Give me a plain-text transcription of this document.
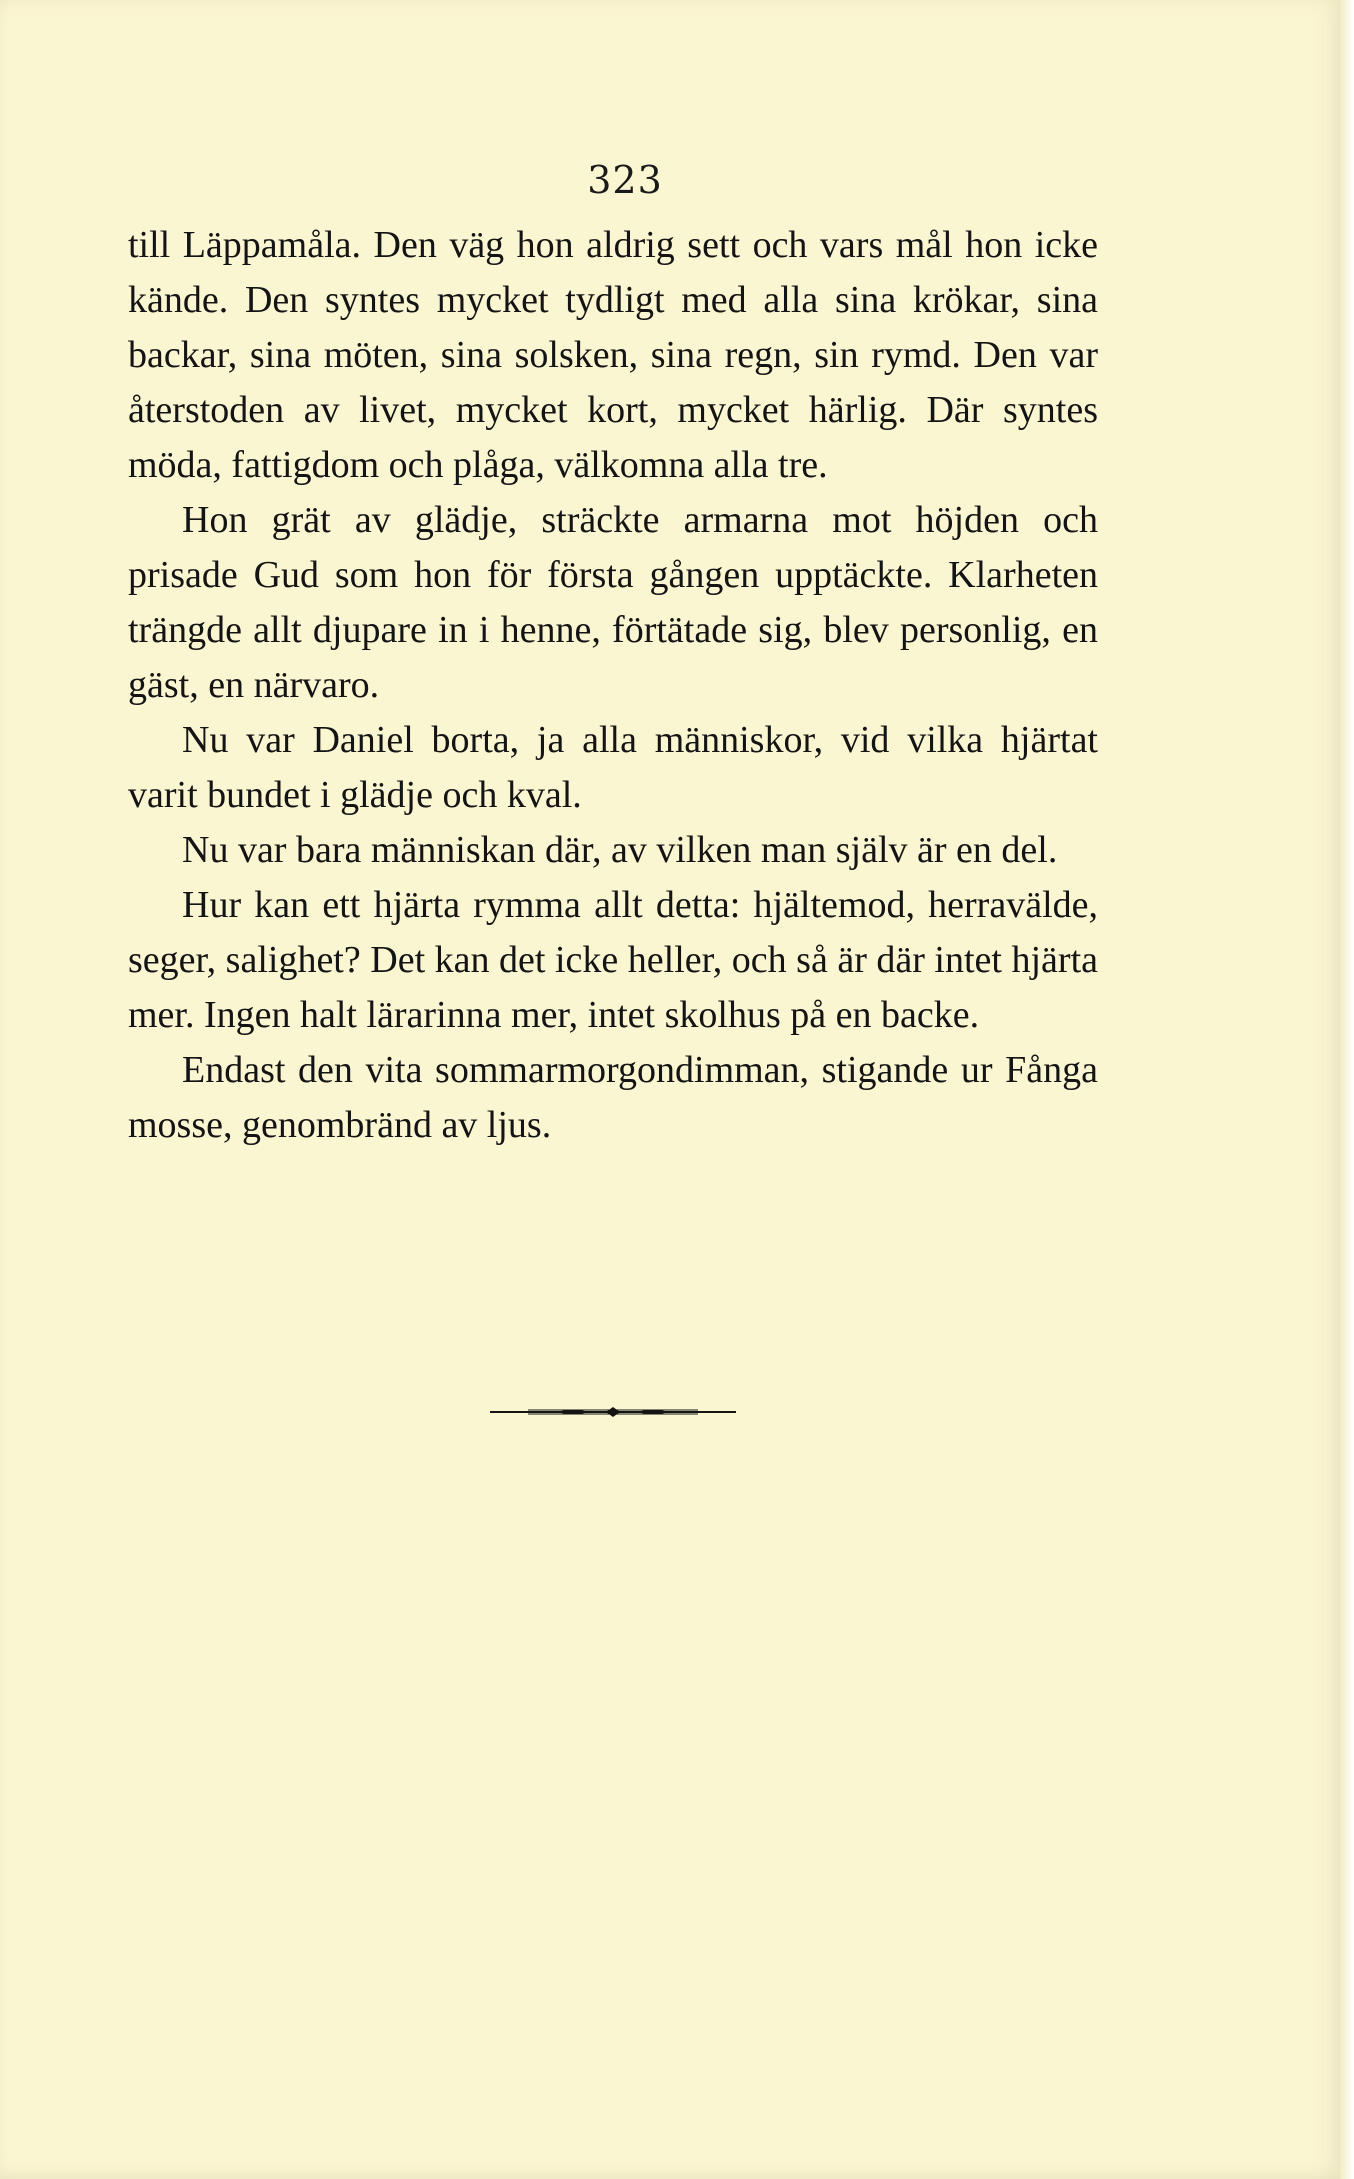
323

till Läppamåla. Den väg hon aldrig sett och vars mål hon icke kände. Den syntes mycket tydligt med alla sina krökar, sina backar, sina möten, sina solsken, sina regn, sin rymd. Den var återstoden av livet, mycket kort, mycket härlig. Där syntes möda, fattigdom och plåga, välkomna alla tre.

Hon grät av glädje, sträckte armarna mot höjden och prisade Gud som hon för första gången upptäckte. Klarheten trängde allt djupare in i henne, förtätade sig, blev personlig, en gäst, en närvaro.

Nu var Daniel borta, ja alla människor, vid vilka hjärtat varit bundet i glädje och kval.

Nu var bara människan där, av vilken man själv är en del.

Hur kan ett hjärta rymma allt detta: hjältemod, herravälde, seger, salighet? Det kan det icke heller, och så är där intet hjärta mer. Ingen halt lärarinna mer, intet skolhus på en backe.

Endast den vita sommarmorgondimman, stigande ur Fånga mosse, genombränd av ljus.
